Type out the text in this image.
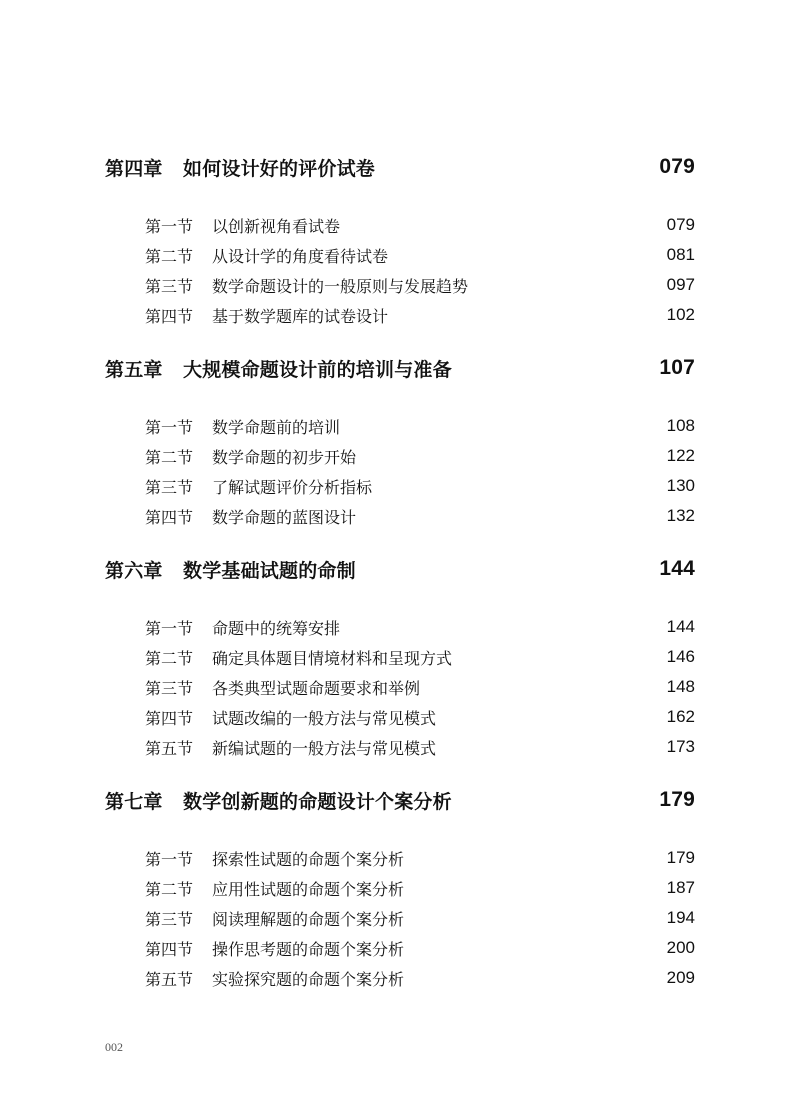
第四章	如何设计好的评价试卷	079
第一节	以创新视角看试卷	079
第二节	从设计学的角度看待试卷	081
第三节	数学命题设计的一般原则与发展趋势	097
第四节	基于数学题库的试卷设计	102
第五章	大规模命题设计前的培训与准备	107
第一节	数学命题前的培训	108
第二节	数学命题的初步开始	122
第三节	了解试题评价分析指标	130
第四节	数学命题的蓝图设计	132
第六章	数学基础试题的命制	144
第一节	命题中的统筹安排	144
第二节	确定具体题目情境材料和呈现方式	146
第三节	各类典型试题命题要求和举例	148
第四节	试题改编的一般方法与常见模式	162
第五节	新编试题的一般方法与常见模式	173
第七章	数学创新题的命题设计个案分析	179
第一节	探索性试题的命题个案分析	179
第二节	应用性试题的命题个案分析	187
第三节	阅读理解题的命题个案分析	194
第四节	操作思考题的命题个案分析	200
第五节	实验探究题的命题个案分析	209
002
